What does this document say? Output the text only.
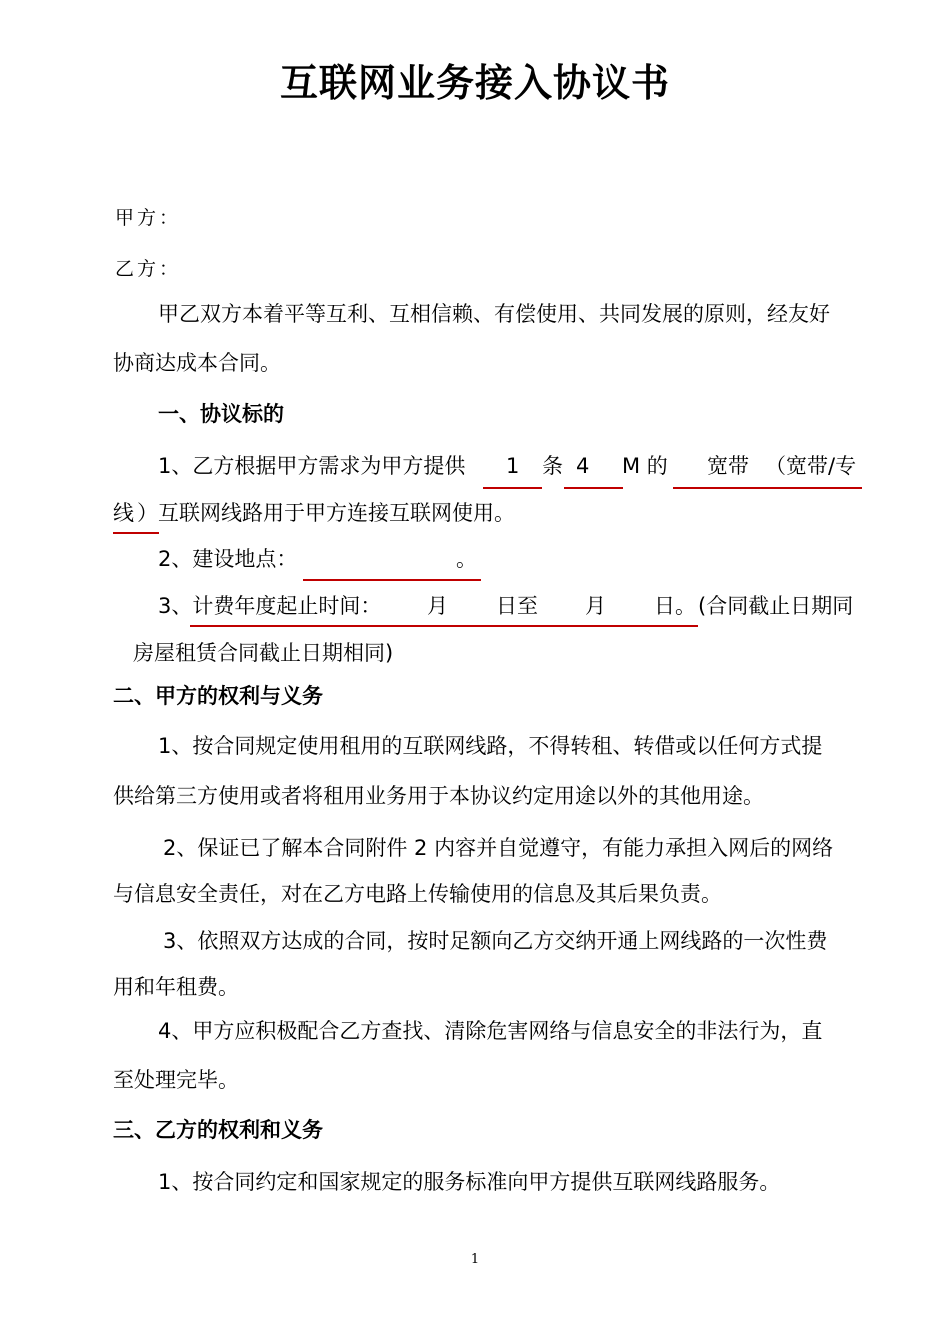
互联网业务接入协议书
甲方：
乙方：
甲乙双方本着平等互利、互相信赖、有偿使用、共同发展的原则，经友好
协商达成本合同。
一、协议标的
1、乙方根据甲方需求为甲方提供 1 条 4 M 的 宽带 （宽带/专
线 ）互联网线路用于甲方连接互联网使用。
2、建设地点：	。
3、计费年度起止时间： 月 日至 月 日。 (合同截止日期同
房屋租赁合同截止日期相同)
二、甲方的权利与义务
1、按合同规定使用租用的互联网线路，不得转租、转借或以任何方式提
供给第三方使用或者将租用业务用于本协议约定用途以外的其他用途。
2、保证已了解本合同附件 2 内容并自觉遵守，有能力承担入网后的网络
与信息安全责任，对在乙方电路上传输使用的信息及其后果负责。
3、依照双方达成的合同，按时足额向乙方交纳开通上网线路的一次性费
用和年租费。
4、甲方应积极配合乙方查找、清除危害网络与信息安全的非法行为，直
至处理完毕。
三、乙方的权利和义务
1、按合同约定和国家规定的服务标准向甲方提供互联网线路服务。
1
